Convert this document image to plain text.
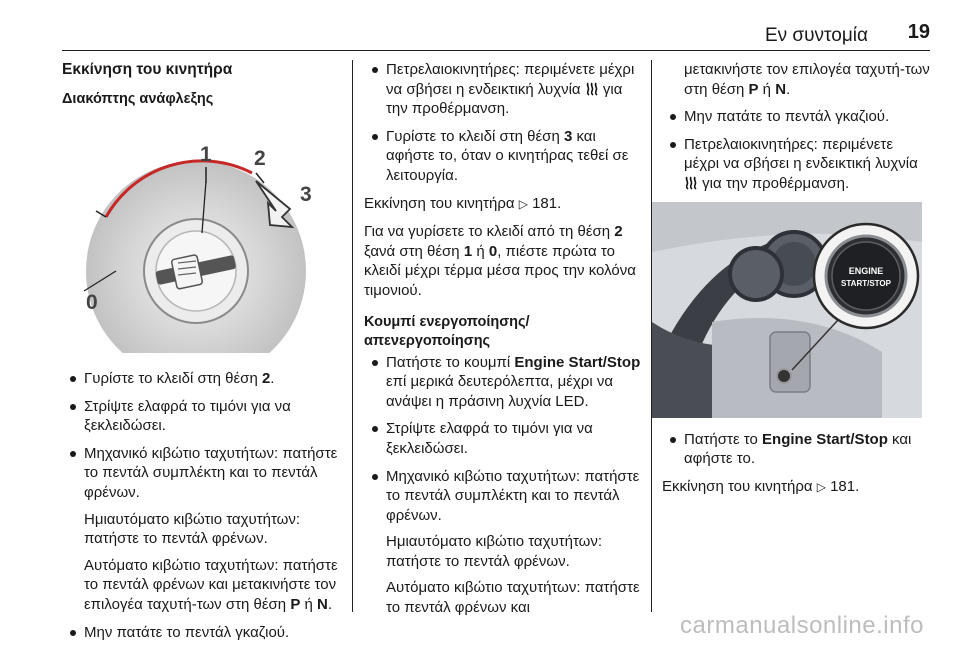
Εν συντομία 19
Εκκίνηση του κινητήρα
Διακόπτης ανάφλεξης
0
1 2
3
Γυρίστε το κλειδί στη θέση 2.
Στρίψτε ελαφρά το τιμόνι για να ξεκλειδώσει.

Μηχανικό κιβώτιο ταχυτήτων: πατήστε το πεντάλ συμπλέκτη και το πεντάλ φρένων.

Ημιαυτόματο κιβώτιο ταχυτήτων: πατήστε το πεντάλ φρένων.

Αυτόματο κιβώτιο ταχυτήτων: πατήστε το πεντάλ φρένων και μετακινήστε τον επιλογέα ταχυτή-των στη θέση P ή N.

Μην πατάτε το πεντάλ γκαζιού.
Πετρελαιοκινητήρες: περιμένετε μέχρι να σβήσει η ενδεικτική λυχνία  για την προθέρμανση.
Γυρίστε το κλειδί στη θέση 3 και αφήστε το, όταν ο κινητήρας τεθεί σε λειτουργία.

Εκκίνηση του κινητήρα ▷ 181.

Για να γυρίσετε το κλειδί από τη θέση 2 ξανά στη θέση 1 ή 0, πιέστε πρώτα το κλειδί μέχρι τέρμα μέσα προς την κολόνα τιμονιού.

Κουμπί ενεργοποίησης/ απενεργοποίησης
Πατήστε το κουμπί Engine Start/Stop επί μερικά δευτερόλεπτα, μέχρι να ανάψει η πράσινη λυχνία LED.
Στρίψτε ελαφρά το τιμόνι για να ξεκλειδώσει.

Μηχανικό κιβώτιο ταχυτήτων: πατήστε το πεντάλ συμπλέκτη και το πεντάλ φρένων.

Ημιαυτόματο κιβώτιο ταχυτήτων: πατήστε το πεντάλ φρένων.

Αυτόματο κιβώτιο ταχυτήτων: πατήστε το πεντάλ φρένων και

μετακινήστε τον επιλογέα ταχυτή-των στη θέση P ή N.

Μην πατάτε το πεντάλ γκαζιού.
Πετρελαιοκινητήρες: περιμένετε μέχρι να σβήσει η ενδεικτική λυχνία  για την προθέρμανση.
ENGINE
START/STOP
Πατήστε το Engine Start/Stop και αφήστε το.

Εκκίνηση του κινητήρα ▷ 181.

carmanualsonline.info
